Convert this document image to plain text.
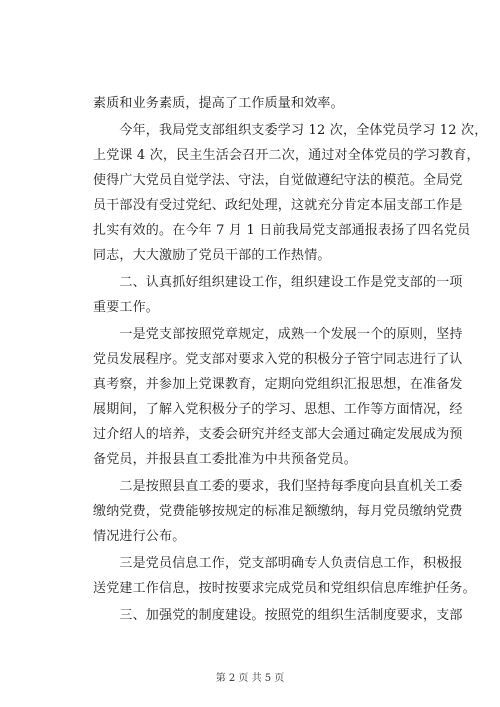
素质和业务素质，提高了工作质量和效率。
　　今年，我局党支部组织支委学习 12 次，全体党员学习 12 次，
上党课 4 次，民主生活会召开二次，通过对全体党员的学习教育，
使得广大党员自觉学法、守法，自觉做遵纪守法的模范。全局党
员干部没有受过党纪、政纪处理，这就充分肯定本届支部工作是
扎实有效的。在今年 7 月 1 日前我局党支部通报表扬了四名党员
同志，大大激励了党员干部的工作热情。
　　二、认真抓好组织建设工作，组织建设工作是党支部的一项
重要工作。
　　一是党支部按照党章规定，成熟一个发展一个的原则，坚持
党员发展程序。党支部对要求入党的积极分子管宁同志进行了认
真考察，并参加上党课教育，定期向党组织汇报思想，在准备发
展期间，了解入党积极分子的学习、思想、工作等方面情况，经
过介绍人的培养，支委会研究并经支部大会通过确定发展成为预
备党员，并报县直工委批准为中共预备党员。
　　二是按照县直工委的要求，我们坚持每季度向县直机关工委
缴纳党费，党费能够按规定的标准足额缴纳，每月党员缴纳党费
情况进行公布。
　　三是党员信息工作，党支部明确专人负责信息工作，积极报
送党建工作信息，按时按要求完成党员和党组织信息库维护任务。
　　三、加强党的制度建设。按照党的组织生活制度要求，支部
第 2 页 共 5 页
